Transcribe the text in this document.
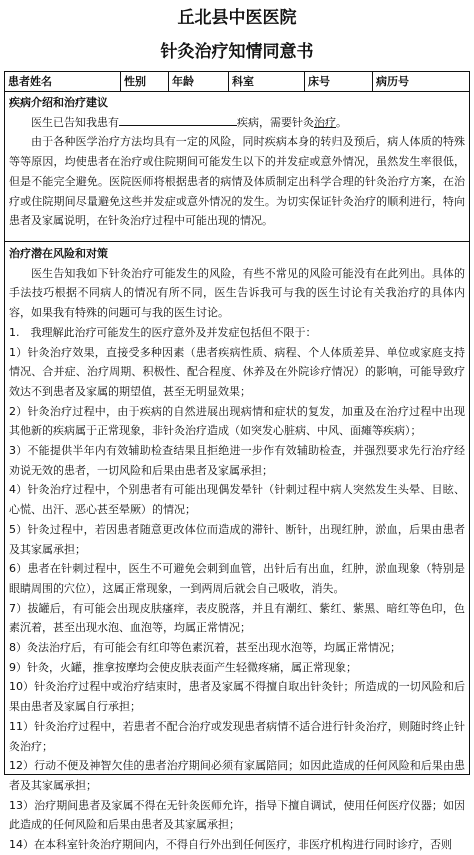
丘北县中医医院
针灸治疗知情同意书
患者姓名	性别	年龄	科室	床号	病历号
疾病介绍和治疗建议

医生已告知我患有	疾病，需要针灸治疗。

由于各种医学治疗方法均具有一定的风险，同时疾病本身的转归及预后，病人体质的特殊等等原因，均使患者在治疗或住院期间可能发生以下的并发症或意外情况，虽然发生率很低，但是不能完全避免。医院医师将根据患者的病情及体质制定出科学合理的针灸治疗方案，在治疗或住院期间尽量避免这些并发症或意外情况的发生。为切实保证针灸治疗的顺利进行，特向患者及家属说明，在针灸治疗过程中可能出现的情况。

治疗潜在风险和对策

医生告知我如下针灸治疗可能发生的风险，有些不常见的风险可能没有在此列出。具体的手法技巧根据不同病人的情况有所不同，医生告诉我可与我的医生讨论有关我治疗的具体内容，如果我有特殊的问题可与我的医生讨论。

1.　我理解此治疗可能发生的医疗意外及并发症包括但不限于：

1）针灸治疗效果，直接受多种因素（患者疾病性质、病程、个人体质差异、单位或家庭支持情况、合并症、治疗周期、积极性、配合程度、休养及在外院诊疗情况）的影响，可能导致疗效达不到患者及家属的期望值，甚至无明显效果；

2）针灸治疗过程中，由于疾病的自然进展出现病情和症状的复发，加重及在治疗过程中出现其他新的疾病属于正常现象，非针灸治疗造成（如突发心脏病、中风、面瘫等疾病）；

3）不能提供半年内有效辅助检查结果且拒绝进一步作有效辅助检查，并强烈要求先行治疗经劝说无效的患者，一切风险和后果由患者及家属承担；

4）针灸治疗过程中，个别患者有可能出现偶发晕针（针刺过程中病人突然发生头晕、目眩、心慌、出汗、恶心甚至晕厥）的情况；

5）针灸过程中，若因患者随意更改体位而造成的滞针、断针，出现红肿，淤血，后果由患者及其家属承担；

6）患者在针刺过程中，医生不可避免会刺到血管，出针后有出血，红肿，淤血现象（特别是眼睛周围的穴位），这属正常现象，一到两周后就会自己吸收，消失。

7）拔罐后，有可能会出现皮肤瘙痒，表皮脱落，并且有潮红、紫红、紫黑、暗红等色印，色素沉着，甚至出现水泡、血泡等，均属正常情况；

8）灸法治疗后，有可能会有红印等色素沉着，甚至出现水泡等，均属正常情况；

9）针灸，火罐，推拿按摩均会使皮肤表面产生轻微疼痛，属正常现象；

10）针灸治疗过程中或治疗结束时，患者及家属不得擅自取出针灸针；所造成的一切风险和后果由患者及家属自行承担；

11）针灸治疗过程中，若患者不配合治疗或发现患者病情不适合进行针灸治疗，则随时终止针灸治疗；

12）行动不便及神智欠佳的患者治疗期间必须有家属陪同；如因此造成的任何风险和后果由患者及其家属承担；

13）治疗期间患者及家属不得在无针灸医师允许，指导下擅自调试，使用任何医疗仪器；如因此造成的任何风险和后果由患者及其家属承担；

14）在本科室针灸治疗期间内，不得自行外出到任何医疗，非医疗机构进行同时诊疗，否则
